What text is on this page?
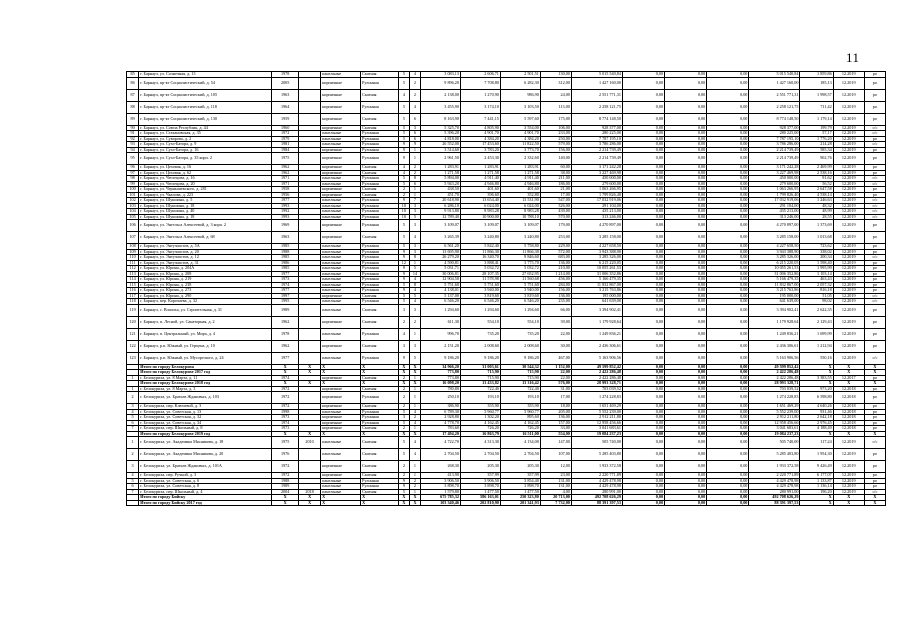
11
85	г. Барнаул, ул. Солнечная, д. 13	1978		панельные	Скатная	5	4	3 083,13	2 606,71	2 501,51	130,00	5 015 540,84	0,00	0,00	0,00	5 015 540,84	1 859,86	12.2019	ро
86	г. Барнаул, пр-кт Социалистический, д. 54	2005		кирпичные	Рулонная	5	2	9 896,20	7 708,80	6 282,30	312,00	1 427 160,00	0,00	0,00	0,00	1 427 160,00	185,13	12.2019	ро
87	г. Барнаул, пр-кт Социалистический, д. 105	1963		кирпичные	Скатная	4	2	2 138,00	1 270,90	986,90	24,00	2 551 771,31	0,00	0,00	0,00	2 551 771,31	1 998,57	12.2019	ро
88	г. Барнаул, пр-кт Социалистический, д. 118	1964		кирпичные	Рулонная	5	4	3 455,90	3 174,10	3 103,50	113,00	2 258 121,75	0,00	0,00	0,00	2 258 121,75	711,42	12.2019	ро
89	г. Барнаул, пр-кт Социалистический, д. 130	1959		кирпичные	Скатная	5	6	8 163,90	7 441,15	5 597,60	175,00	8 774 148,50	0,00	0,00	0,00	8 774 148,50	1 179,14	12.2019	ро
90	г. Барнаул, ул. Союза Республик, д. 44	1960		кирпичные	Скатная	5	3	5 325,70	4 805,90	3 554,00	106,00	928 377,00	0,00	0,00	0,00	928 377,00	199,79	12.2019	с/с
91	г. Барнаул, ул. Стахановская, д. 35	1972		панельные	Рулонная	5	6	5 396,20	4 901,70	4 901,70	233,00	280 225,00	0,00	0,00	0,00	280 225,00	57,17	12.2019	с/с
92	г. Барнаул, ул. Суворова, д. 2	1979		панельные	Рулонная	5	6	4 818,00	4 384,20	4 384,20	250,00	7 787 195,10	0,00	0,00	0,00	7 787 195,10	1 776,20	12.2019	ро
93	г. Барнаул, ул. Сухэ-Батора, д. 9	1981		панельные	Рулонная	9	9	26 552,00	17 453,60	11 822,50	579,00	3 786 286,00	0,00	0,00	0,00	3 786 286,00	214,28	12.2019	с/с
94	г. Барнаул, ул. Сухэ-Батора, д. 16	1984		кирпичные	Рулонная	9	1	3 514,60	3 783,20	3 773,70	156,00	2 214 739,49	0,00	0,00	0,00	2 214 739,49	585,34	12.2019	ро
95	г. Барнаул, ул. Сухэ-Батора, д. 35 корп. 2	1975		кирпичные	Рулонная	9	1	2 961,50	2 453,30	2 332,60	140,00	2 214 739,49	0,00	0,00	0,00	2 214 739,49	902,76	12.2019	ро
96	г. Барнаул, ул. Цеховая, д. 16	1962		кирпичные	Скатная	4	2	1 283,91	1 283,91	1 283,91	60,00	3 171 242,28	0,00	0,00	0,00	3 171 242,28	2 469,99	12.2019	ро
97	г. Барнаул, ул. Цеховая, д. 62	1962		кирпичные	Скатная	4	2	1 271,58	1 271,58	1 271,58	38,00	3 227 469,98	0,00	0,00	0,00	3 227 469,98	2 538,16	12.2019	ро
98	г. Барнаул, ул. Чеглецова, д. 16	1971		панельные	Рулонная	5	8	5 894,00	4 911,40	4 911,40	211,00	450 000,00	0,00	0,00	0,00	450 000,00	91,62	12.2019	с/с
99	г. Барнаул, ул. Чеглецова, д. 20	1971		панельные	Рулонная	5	6	5 943,20	4 946,80	4 946,80	186,00	279 600,00	0,00	0,00	0,00	279 600,00	56,52	12.2019	с/с
100	г. Барнаул, ул. Чернышевского, д. 281	1958		кирпичные	Скатная	2	1	438,50	401,60	401,60	21,00	1 063 266,95	0,00	0,00	0,00	1 063 266,95	2 647,58	12.2019	ро
101	г. Барнаул, ул. Чкалова, д. 223	1956		кирпичные	Скатная	2	1	451,70	396,60	352,80	17,00	1 799 826,40	0,00	0,00	0,00	1 799 826,40	4 538,14	12.2019	ро
102	г. Барнаул, ул. Шукшина, д. 5	1977		панельные	Рулонная	9	7	20 618,90	13 654,40	13 531,90	547,00	17 032 919,06	0,00	0,00	0,00	17 032 919,06	1 246,63	12.2019	с/с
103	г. Барнаул, ул. Шукшина, д. 18	1993		панельные	Рулонная	10	3	6 286,10	6 024,00	6 024,00	326,00	291 104,00	0,00	0,00	0,00	291 104,00	48,32	12.2019	с/с
104	г. Барнаул, ул. Шукшина, д. 40	1992		панельные	Рулонная	10	3	9 913,80	8 983,28	8 983,28	439,00	435 213,00	0,00	0,00	0,00	435 213,00	48,99	12.2019	с/с
105	г. Барнаул, ул. Шукшина, д. 18	1993		панельные	Рулонная	10	5	12 789,40	10 900,00	10 788,10	570,00	313 246,00	0,00	0,00	0,00	313 246,00	28,55	12.2019	с/с
106	г. Барнаул, ул. Энгельса Алексеевой, д. 3 корп. 2	1969		кирпичные	Рулонная	5	3	3 109,07	3 109,07	3 109,07	179,00	4 270 897,00	0,00	0,00	0,00	4 270 897,00	1 373,69	12.2019	ро
107	г. Барнаул, ул. Энгельса Алексеевой, д. 68	1963		кирпичные	Скатная	5	4	3 265,39	3 240,80	3 240,80	253,00	3 285 158,00	0,00	0,00	0,00	3 285 158,00	1 013,68	12.2019	ро
108	г. Барнаул, ул. Энтузиастов, д. 5А	1985		панельные	Рулонная	5	3	6 561,20	5 842,40	5 758,80	229,00	4 227 658,50	0,00	0,00	0,00	4 227 658,50	723,62	12.2019	ро
109	г. Барнаул, ул. Энтузиастов, д. 20	1988		панельные	Рулонная	9	3	13 695,90	11 866,30	11 866,30	572,00	3 943 388,90	0,00	0,00	0,00	3 943 388,90	338,02	12.2019	ро
110	г. Барнаул, ул. Энтузиастов, д. 12	1985		панельные	Рулонная	9	8	26 279,20	16 340,70	9 846,60	683,00	3 285 326,00	0,00	0,00	0,00	3 285 326,00	200,34	12.2019	с/с
111	г. Барнаул, ул. Энтузиастов, д. 31	1986		панельные	Рулонная	12	1	4 590,81	3 888,41	3 775,70	136,00	6 215 220,05	0,00	0,00	0,00	6 215 220,05	1 598,40	12.2019	ро
112	г. Барнаул, ул. Юрина, д. 204А	1985		панельные	Рулонная	9	5	5 031,71	5 032,72	5 032,72	210,00	10 055 261,53	0,00	0,00	0,00	10 055 261,53	1 995,99	12.2019	ро
113	г. Барнаул, ул. Юрина, д. 208	1977		панельные	Рулонная	9	14	30 006,81	28 107,35	27 652,95	1 214,00	31 006 352,86	0,00	0,00	0,00	31 006 352,86	1 103,14	12.2019	ро
114	г. Барнаул, ул. Юрина, д. 219	1973		панельные	Рулонная	9	4	12 904,58	11 578,98	11 560,68	456,00	5 166 479,35	0,00	0,00	0,00	5 166 479,35	463,43	12.2019	ро
115	г. Барнаул, ул. Юрина, д. 238	1974		панельные	Рулонная	5	8	5 751,60	5 751,60	5 751,60	284,00	11 832 867,00	0,00	0,00	0,00	11 832 867,00	2 057,32	12.2019	ро
116	г. Барнаул, ул. Юрина, д. 273	1977		панельные	Рулонная	9	4	4 138,01	3 940,00	3 940,00	156,00	3 215 763,86	0,00	0,00	0,00	3 215 763,86	816,18	12.2019	ро
117	г. Барнаул, ул. Юрина, д. 290	1997		кирпичные	Скатная	5	5	5 137,00	3 819,60	3 819,60	136,00	195 000,00	0,00	0,00	0,00	195 000,00	51,05	12.2019	с/с
118	г. Барнаул, пер. Корочаева, д. 32	1995		панельные	Рулонная	5	4	6 546,20	6 546,20	6 546,20	235,00	641 639,00	0,00	0,00	0,00	641 639,00	98,02	12.2019	с/с
119	г. Барнаул, с. Власиха, ул. Строительная, д. 31	1989		панельные	Скатная	3	3	1 294,60	1 294,60	1 294,60	66,00	3 394 902,41	0,00	0,00	0,00	3 394 902,41	2 622,35	12.2019	ро
120	г. Барнаул, п. Лесной, ул. Санаторная, д. 2	1962		кирпичные	Скатная	2	2	611,30	554,10	554,10	39,00	1 179 928,64	0,00	0,00	0,00	1 179 928,64	2 129,43	12.2019	ро
121	г. Барнаул, п. Центральный, ул. Мира, д. 4	1978		панельные	Рулонная	4	1	996,70	735,20	735,20	22,00	1 249 836,21	0,00	0,00	0,00	1 249 836,21	1 699,99	12.2019	ро
122	г. Барнаул, р.п. Южный, ул. Герцена, д. 10	1962		кирпичные	Скатная	3	3	2 151,20	2 008,60	2 008,60	30,00	2 436 306,61	0,00	0,00	0,00	2 436 306,61	1 212,94	12.2019	ро
123	г. Барнаул, р.п. Южный, ул. Мусоргского, д. 24	1977		панельные	Рулонная	9	5	9 186,20	9 186,20	9 186,20	467,00	5 163 906,56	0,00	0,00	0,00	5 163 906,56	550,16	12.2019	с/с
	Итого по городу Белокуриха	X	X	X	X	X	X	34 966,20	31 003,61	30 544,32	1 152,00	49 599 852,42	0,00	0,00	0,00	49 599 852,42	X	X	X
	Итого по городу Белокурихе 2017 год	X	X	X	X	X	X	773,80	715,90	715,90	22,00	2 422 286,48	0,00	0,00	0,00	2 422 286,48	X	X	X
1	г. Белокуриха, ул. 8 Марта, д. 11	1974		кирпичные	Скатная	2	1	773,80	715,90	715,90	22,00	2 422 286,48	0,00	0,00	0,00	2 422 286,48	3 383,55	12.2017	ро
	Итого по городу Белокурихе 2018 год	X	X	X	X	X	X	16 098,20	13 433,82	13 316,42	576,00	28 993 328,71	0,00	0,00	0,00	28 993 328,71	X	X	X
1	г. Белокуриха, ул. 8 Марта, д. 3	1972		кирпичные	Скатная	2	1	780,80	722,40	722,40	31,00	703 039,52	0,00	0,00	0,00	703 039,52	973,20	12.2018	ро
2	г. Белокуриха, ул. Братьев Ждановых, д. 103	1972		кирпичные	Рулонная	2	1	250,10	193,10	193,10	17,00	1 274 228,83	0,00	0,00	0,00	1 274 228,83	6 598,80	12.2018	ро
3	г. Белокуриха, пер. Ключевой, д. 3	1972		кирпичные	Скатная	2	1	386,90	355,90	355,90	18,00	1 651 469,29	0,00	0,00	0,00	1 651 469,29	4 640,26	12.2018	ро
4	г. Белокуриха, ул. Советская, д. 13	1998		панельные	Рулонная	5	4	6 789,30	5 960,77	5 960,77	205,00	5 552 239,00	0,00	0,00	0,00	5 552 239,00	931,46	12.2018	ро
5	г. Белокуриха, ул. Советская, д. 32	1973		кирпичные	Рулонная	3	2	2 928,80	1 302,20	895,60	136,00	2 912 211,80	0,00	0,00	0,00	2 912 211,80	2 642,18	12.2018	ро
6	г. Белокуриха, ул. Советская, д. 34	1974		кирпичные	Рулонная	5	4	4 778,70	4 162,45	4 162,45	157,00	12 958 456,66	0,00	0,00	0,00	12 958 456,66	2 976,45	12.2018	ро
7	г. Белокуриха, пер. Школьный, д. 8	1973		кирпичные	Скатная	2	1	783,60	726,20	726,20	33,00	3 041 683,61	0,00	0,00	0,00	3 041 683,61	4 188,49	12.2018	ро
	Итого по городу Белокурихе 2019 год	X	X	X	X	X	X	17 494,20	16 863,79	16 511,00	554,00	19 084 237,23	0,00	0,00	0,00	19 084 237,23	X	X	X
1	г. Белокуриха, ул. Академика Мясникова, д. 18	1975	2010	панельные	Скатная	5	4	4 722,70	4 313,30	4 134,00	147,00	505 740,00	0,00	0,00	0,00	505 740,00	117,24	12.2019	с/с
2	г. Белокуриха, ул. Академика Мясникова, д. 20	1976		панельные	Скатная	5	4	2 704,50	2 704,50	2 704,50	107,00	5 285 403,80	0,00	0,00	0,00	5 285 403,80	1 954,30	12.2019	ро
3	г. Белокуриха, ул. Братьев Ждановых, д. 101А	1972		кирпичные	Скатная	2	1	268,30	205,30	205,30	12,00	1 933 372,58	0,00	0,00	0,00	1 933 372,58	9 426,49	12.2019	ро
4	г. Белокуриха, пер. Ручной, д. 3	1972		кирпичные	Скатная	2	1	413,90	357,99	357,99	23,00	2 220 771,89	0,00	0,00	0,00	2 220 771,89	6 177,07	12.2019	ро
5	г. Белокуриха, ул. Советская, д. 6	1988		панельные	Рулонная	9	2	3 906,50	3 906,50	3 854,40	131,00	4 429 478,98	0,00	0,00	0,00	4 429 478,98	1 133,87	12.2019	ро
6	г. Белокуриха, ул. Советская, д. 8	1989		панельные	Рулонная	9	2	3 898,70	3 898,70	3 898,70	131,00	4 429 478,98	0,00	0,00	0,00	4 429 478,98	1 136,14	12.2019	ро
7	г. Белокуриха, пер. Школьный, д. 4	2004	2018	панельные	Скатная	5	1	1 579,80	1 477,50	1 477,50	4,00	280 991,00	0,00	0,00	0,00	280 991,00	196,20	12.2019	с/с
	Итого по городу Бийску	X	X	X	X	X	X	675 785,32	586 163,01	250 323,80	20 713,00	492 708 626,29	0,00	0,00	0,00	492 708 626,29	X	X	X
	Итого по городу Бийску 2017 год	X	X	X	X	X	X	103 340,46	202 810,90	201 341,93	7 732,00	88 391 397,53	0,00	0,00	0,00	88 391 397,53	X	X	X
